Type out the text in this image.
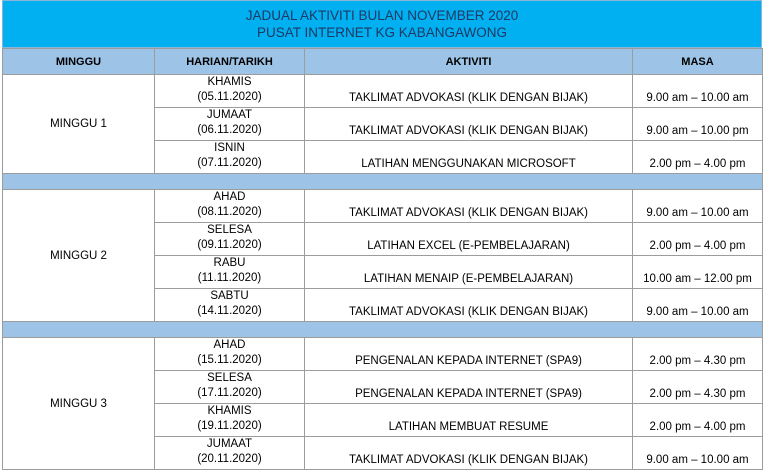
JADUAL AKTIVITI BULAN NOVEMBER 2020
PUSAT INTERNET KG KABANGAWONG
MINGGU	HARIAN/TARIKH	AKTIVITI	MASA
MINGGU 1	KHAMIS
(05.11.2020)	TAKLIMAT ADVOKASI (KLIK DENGAN BIJAK)	9.00 am – 10.00 am

	JUMAAT
(06.11.2020)	TAKLIMAT ADVOKASI (KLIK DENGAN BIJAK)	9.00 am – 10.00 pm

	ISNIN
(07.11.2020)	LATIHAN MENGGUNAKAN MICROSOFT	2.00 pm – 4.00 pm

MINGGU 2	AHAD
(08.11.2020)	TAKLIMAT ADVOKASI (KLIK DENGAN BIJAK)	9.00 am – 10.00 am

	SELESA
(09.11.2020)	LATIHAN EXCEL (E-PEMBELAJARAN)	2.00 pm – 4.00 pm

	RABU
(11.11.2020)	LATIHAN MENAIP (E-PEMBELAJARAN)	10.00 am – 12.00 pm

	SABTU
(14.11.2020)	TAKLIMAT ADVOKASI (KLIK DENGAN BIJAK)	9.00 am – 10.00 am

MINGGU 3	AHAD
(15.11.2020)	PENGENALAN KEPADA INTERNET (SPA9)	2.00 pm – 4.30 pm

	SELESA
(17.11.2020)	PENGENALAN KEPADA INTERNET (SPA9)	2.00 pm – 4.30 pm

	KHAMIS
(19.11.2020)	LATIHAN MEMBUAT RESUME	2.00 pm – 4.00 pm

	JUMAAT
(20.11.2020)	TAKLIMAT ADVOKASI (KLIK DENGAN BIJAK)	9.00 am – 10.00 am
